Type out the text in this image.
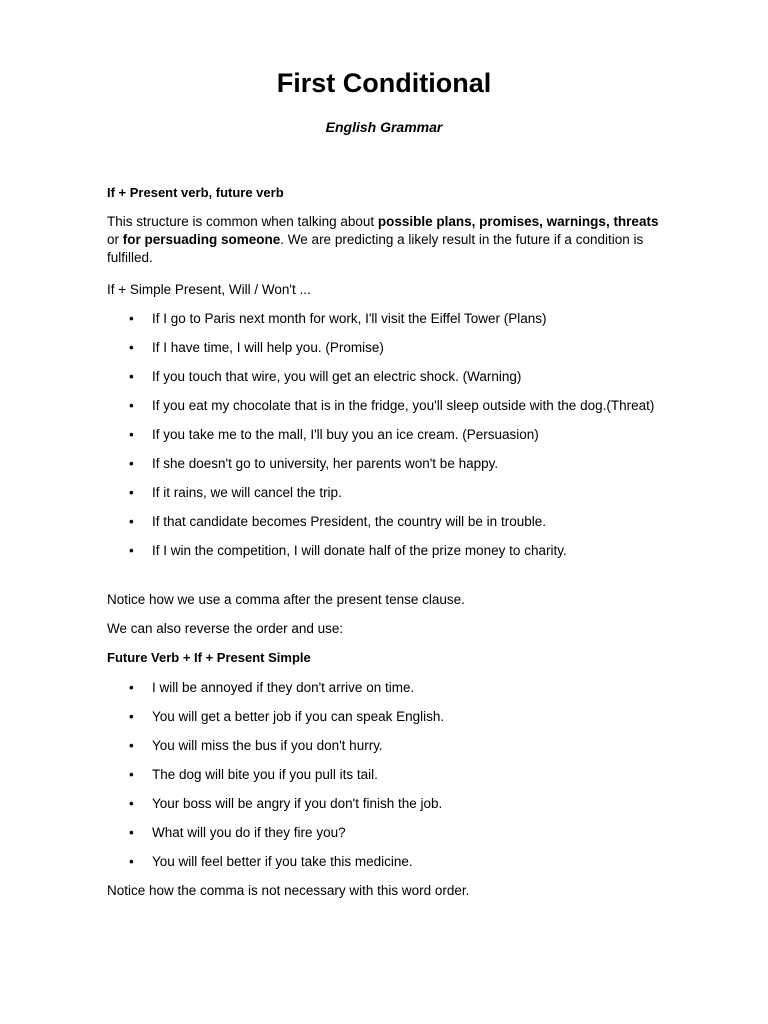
First Conditional

English Grammar

If + Present verb, future verb

This structure is common when talking about possible plans, promises, warnings, threats or for persuading someone. We are predicting a likely result in the future if a condition is fulfilled.

If + Simple Present, Will / Won't ...

• If I go to Paris next month for work, I'll visit the Eiffel Tower (Plans)
• If I have time, I will help you. (Promise)
• If you touch that wire, you will get an electric shock. (Warning)
• If you eat my chocolate that is in the fridge, you'll sleep outside with the dog.(Threat)
• If you take me to the mall, I'll buy you an ice cream. (Persuasion)
• If she doesn't go to university, her parents won't be happy.
• If it rains, we will cancel the trip.
• If that candidate becomes President, the country will be in trouble.
• If I win the competition, I will donate half of the prize money to charity.

Notice how we use a comma after the present tense clause.

We can also reverse the order and use:

Future Verb + If + Present Simple

• I will be annoyed if they don't arrive on time.
• You will get a better job if you can speak English.
• You will miss the bus if you don't hurry.
• The dog will bite you if you pull its tail.
• Your boss will be angry if you don't finish the job.
• What will you do if they fire you?
• You will feel better if you take this medicine.

Notice how the comma is not necessary with this word order.
